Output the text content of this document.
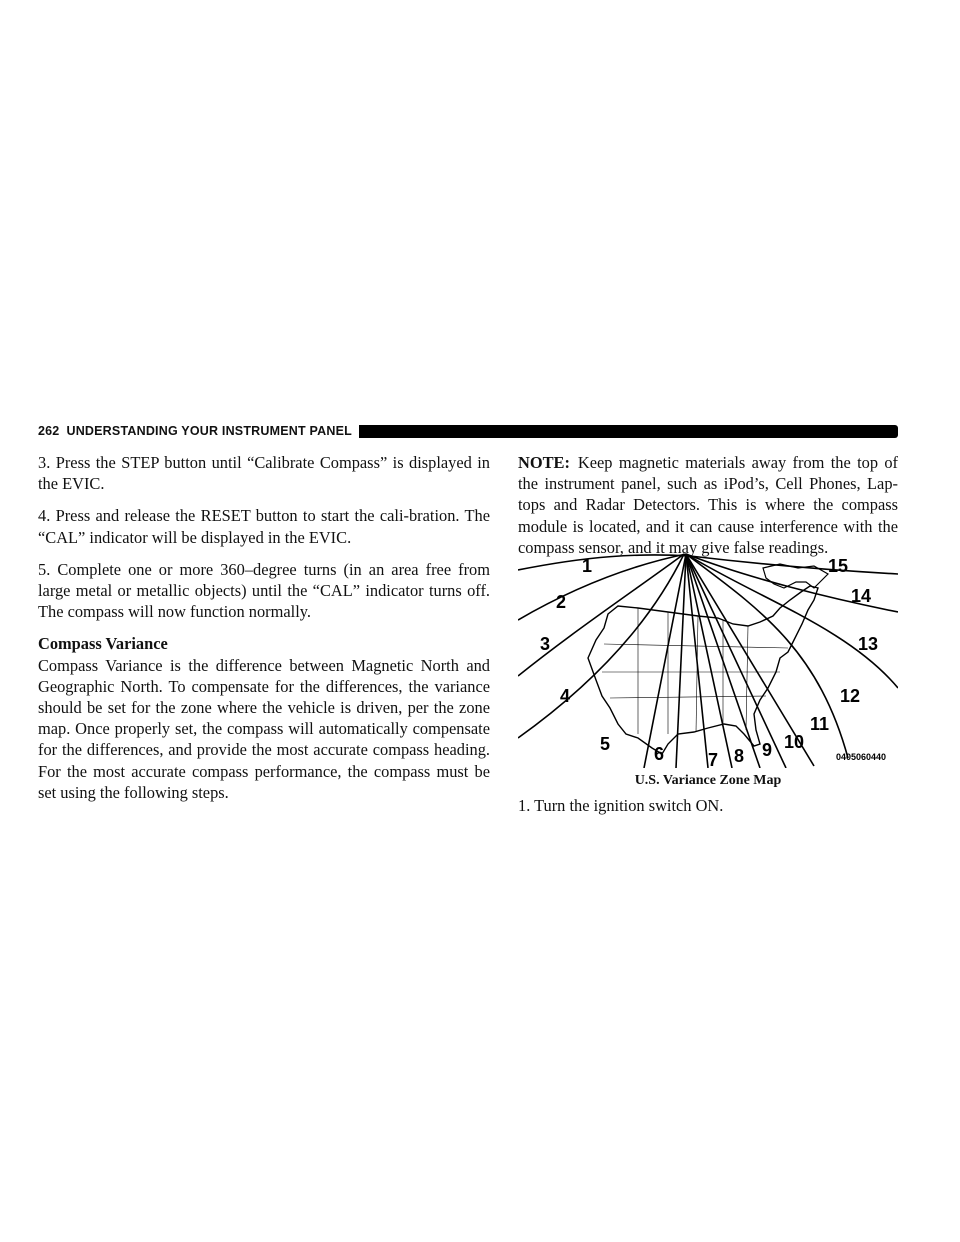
262 UNDERSTANDING YOUR INSTRUMENT PANEL

3. Press the STEP button until “Calibrate Compass” is displayed in the EVIC.

4. Press and release the RESET button to start the cali-bration. The “CAL” indicator will be displayed in the EVIC.

5. Complete one or more 360–degree turns (in an area free from large metal or metallic objects) until the “CAL” indicator turns off. The compass will now function normally.

Compass Variance

Compass Variance is the difference between Magnetic North and Geographic North. To compensate for the differences, the variance should be set for the zone where the vehicle is driven, per the zone map. Once properly set, the compass will automatically compensate for the differences, and provide the most accurate compass heading. For the most accurate compass performance, the compass must be set using the following steps.

NOTE: Keep magnetic materials away from the top of the instrument panel, such as iPod’s, Cell Phones, Lap-tops and Radar Detectors. This is where the compass module is located, and it can cause interference with the compass sensor, and it may give false readings.

1
2
3
4
5 6 7 8 9 10
11
12
13
14
15
0405060440
U.S. Variance Zone Map
1. Turn the ignition switch ON.
